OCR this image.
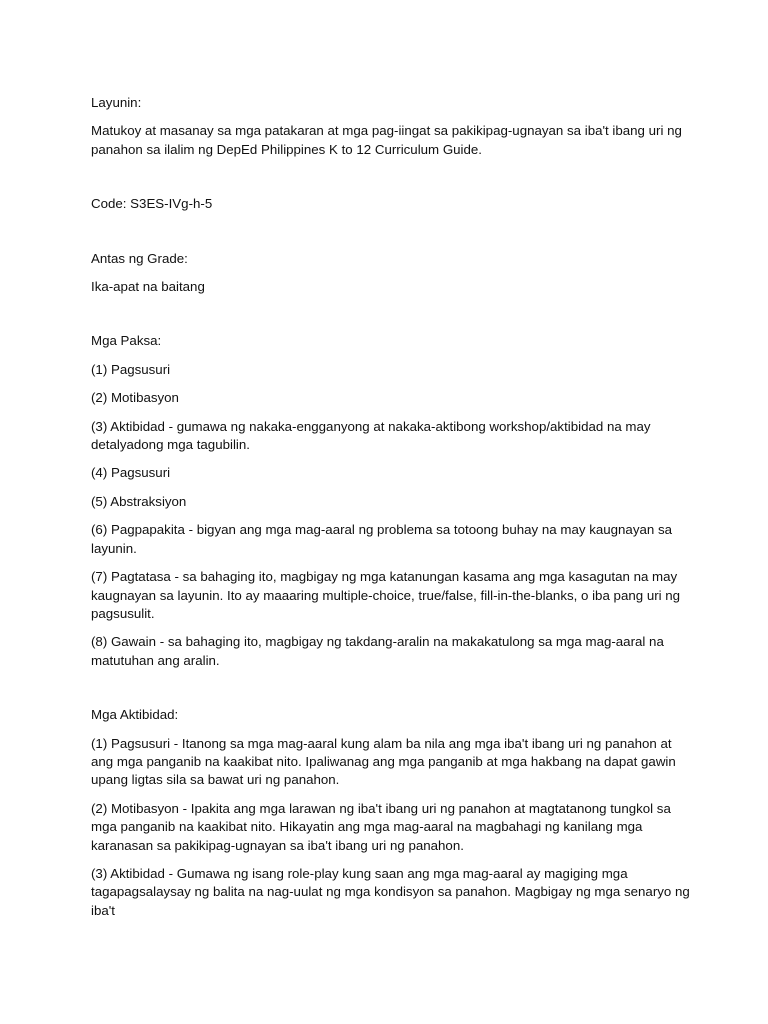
Layunin:

Matukoy at masanay sa mga patakaran at mga pag-iingat sa pakikipag-ugnayan sa iba't ibang uri ng panahon sa ilalim ng DepEd Philippines K to 12 Curriculum Guide.

Code: S3ES-IVg-h-5

Antas ng Grade:

Ika-apat na baitang

Mga Paksa:

(1) Pagsusuri

(2) Motibasyon

(3) Aktibidad - gumawa ng nakaka-engganyong at nakaka-aktibong workshop/aktibidad na may detalyadong mga tagubilin.

(4) Pagsusuri

(5) Abstraksiyon

(6) Pagpapakita - bigyan ang mga mag-aaral ng problema sa totoong buhay na may kaugnayan sa layunin.

(7) Pagtatasa - sa bahaging ito, magbigay ng mga katanungan kasama ang mga kasagutan na may kaugnayan sa layunin. Ito ay maaaring multiple-choice, true/false, fill-in-the-blanks, o iba pang uri ng pagsusulit.

(8) Gawain - sa bahaging ito, magbigay ng takdang-aralin na makakatulong sa mga mag-aaral na matutuhan ang aralin.

Mga Aktibidad:

(1) Pagsusuri - Itanong sa mga mag-aaral kung alam ba nila ang mga iba't ibang uri ng panahon at ang mga panganib na kaakibat nito. Ipaliwanag ang mga panganib at mga hakbang na dapat gawin upang ligtas sila sa bawat uri ng panahon.

(2) Motibasyon - Ipakita ang mga larawan ng iba't ibang uri ng panahon at magtatanong tungkol sa mga panganib na kaakibat nito. Hikayatin ang mga mag-aaral na magbahagi ng kanilang mga karanasan sa pakikipag-ugnayan sa iba't ibang uri ng panahon.

(3) Aktibidad - Gumawa ng isang role-play kung saan ang mga mag-aaral ay magiging mga tagapagsalaysay ng balita na nag-uulat ng mga kondisyon sa panahon. Magbigay ng mga senaryo ng iba't
